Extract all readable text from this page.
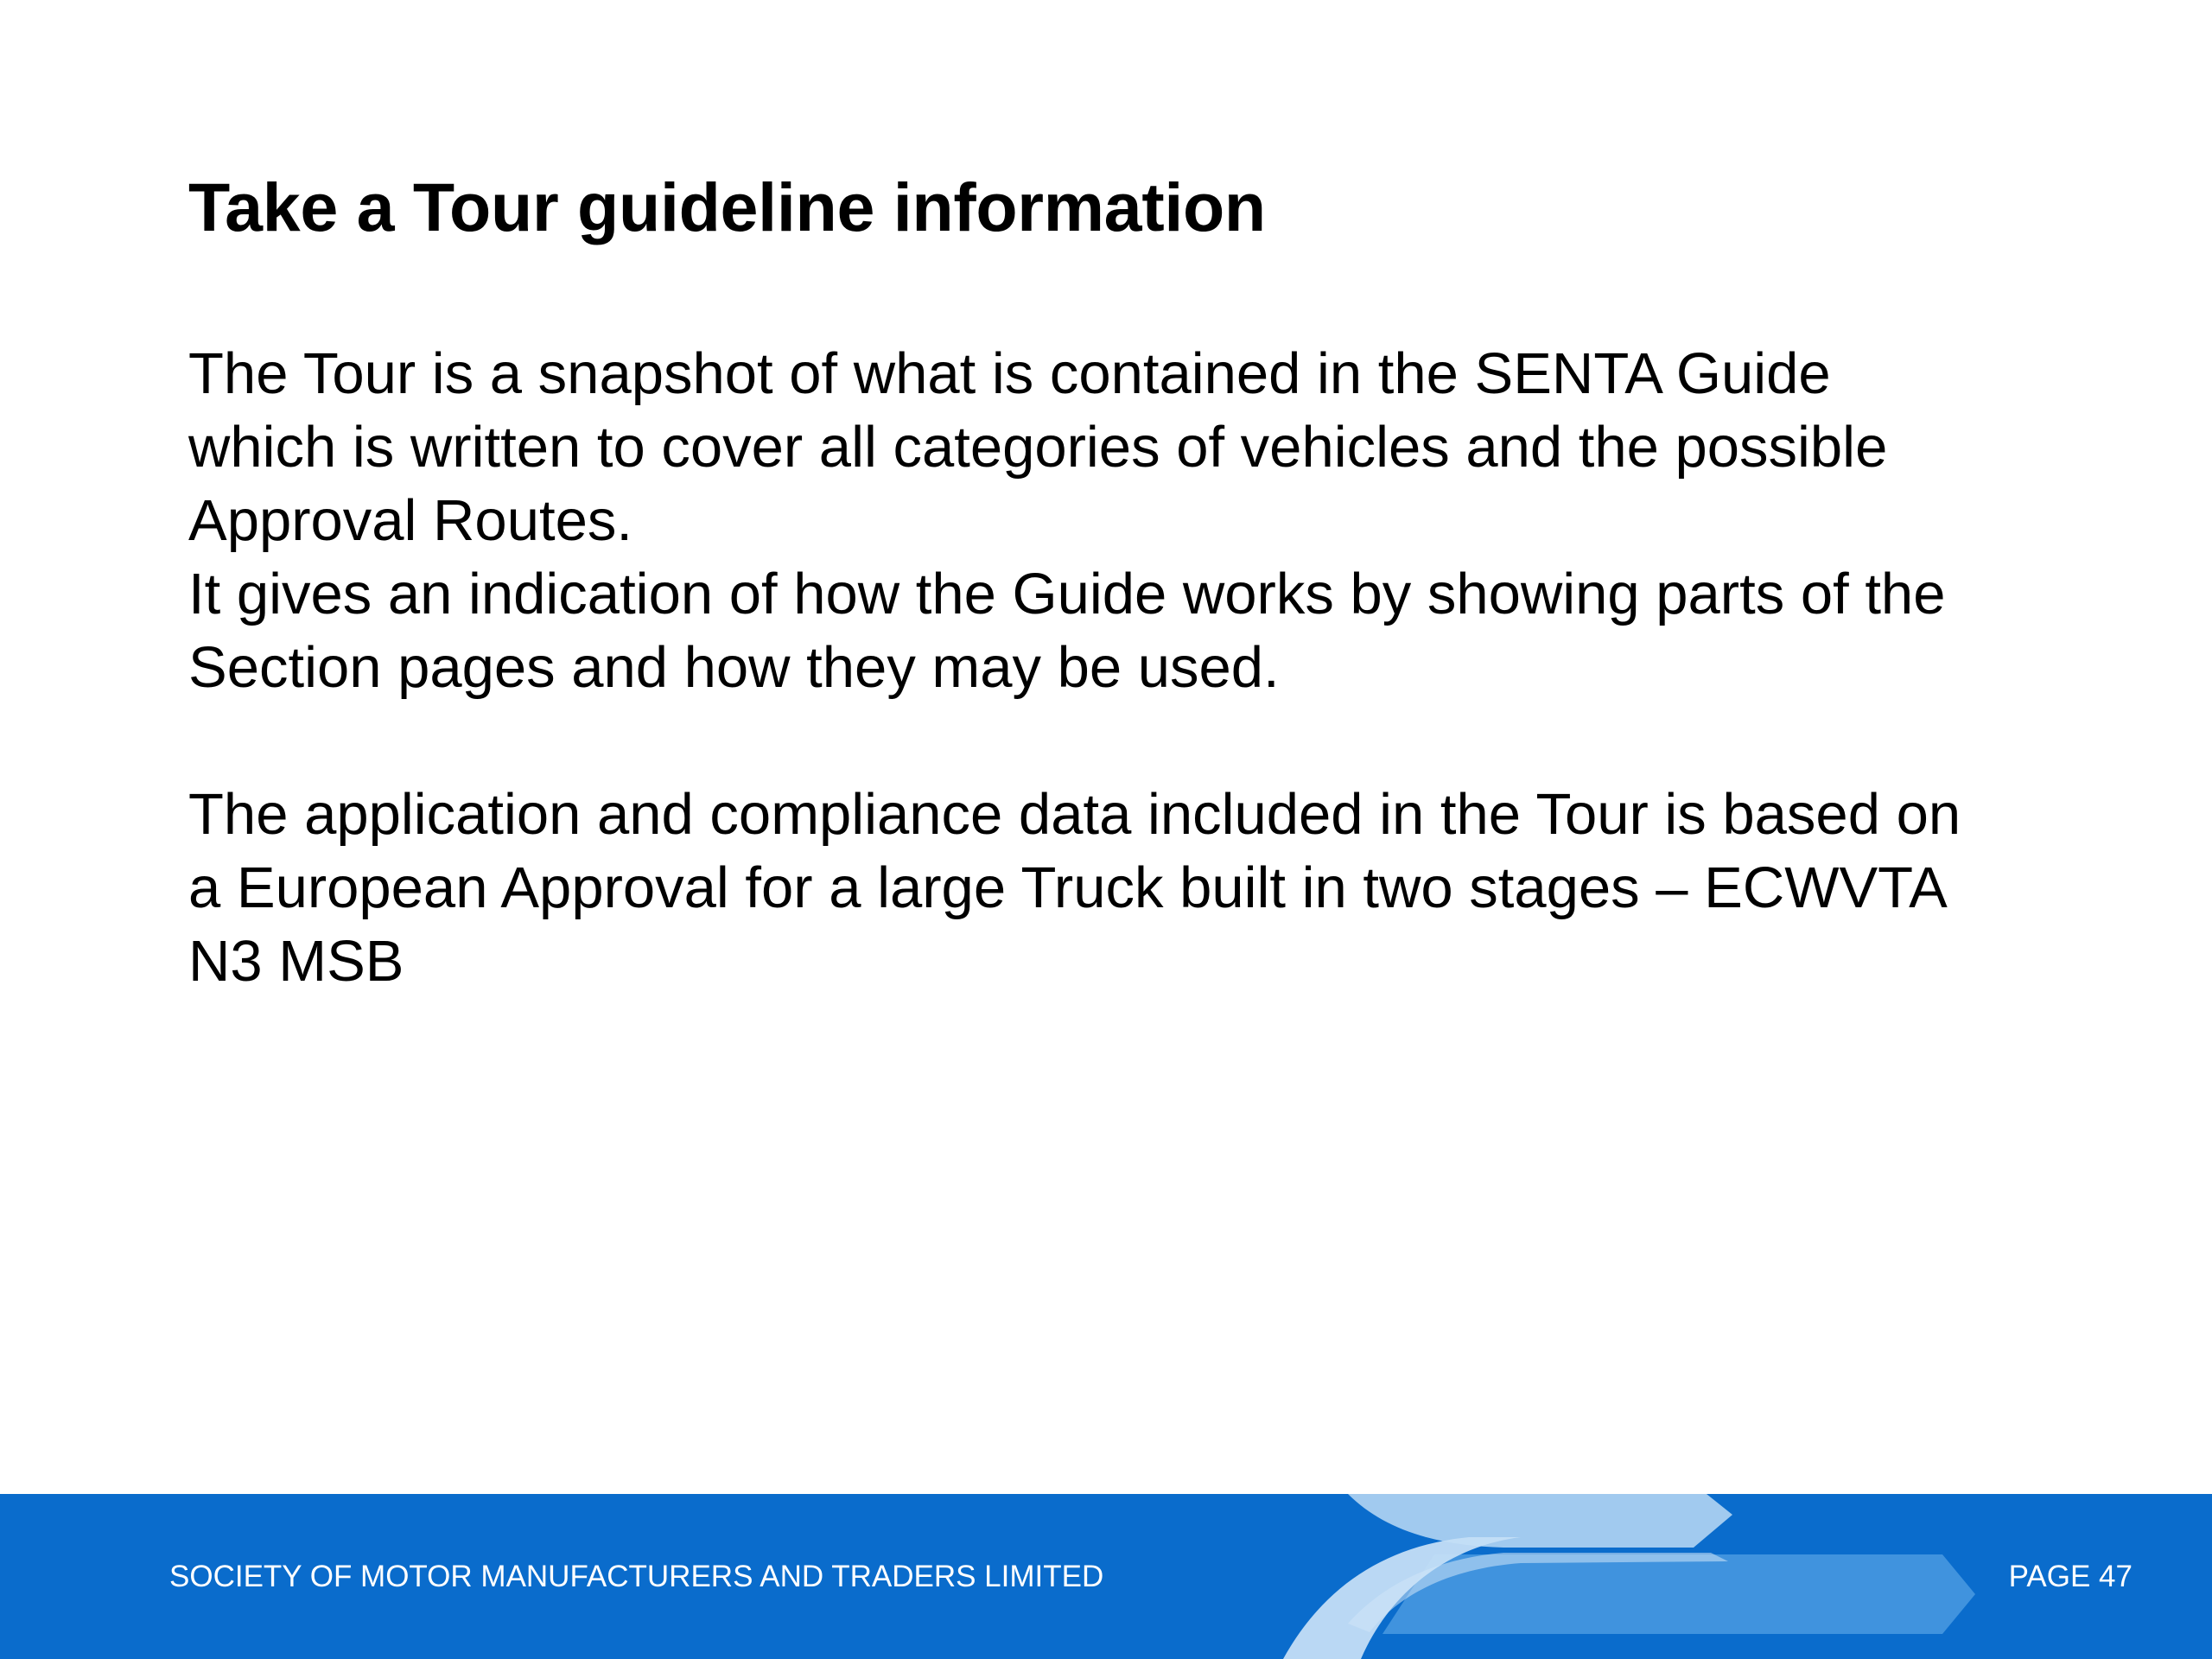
Take a Tour guideline information

The Tour is a snapshot of what is contained in the SENTA Guide

which is written to cover all categories of vehicles and the possible

Approval Routes.

It gives an indication of how the Guide works by showing parts of the

Section pages and how they may be used.

The application and compliance data included in the Tour is based on

a European Approval for a large Truck built in two stages – ECWVTA

N3 MSB

SOCIETY OF MOTOR MANUFACTURERS AND TRADERS LIMITED	PAGE 47
